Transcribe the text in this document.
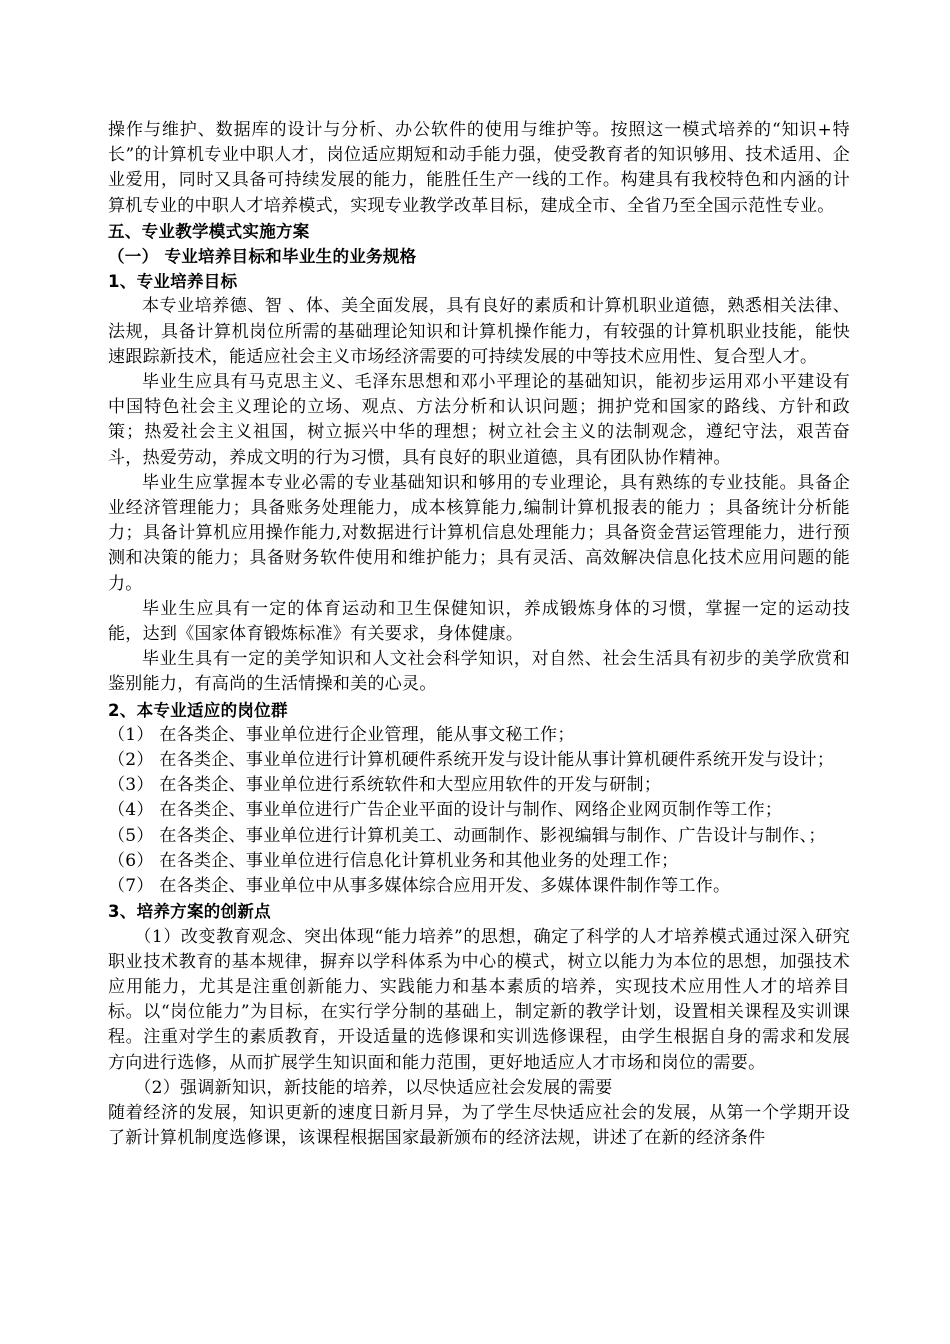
操作与维护、数据库的设计与分析、办公软件的使用与维护等。按照这一模式培养的“知识+特长”的计算机专业中职人才，岗位适应期短和动手能力强，使受教育者的知识够用、技术适用、企业爱用，同时又具备可持续发展的能力，能胜任生产一线的工作。构建具有我校特色和内涵的计算机专业的中职人才培养模式，实现专业教学改革目标，建成全市、全省乃至全国示范性专业。

五、专业教学模式实施方案

（一） 专业培养目标和毕业生的业务规格

1、专业培养目标

本专业培养德、智 、体、美全面发展，具有良好的素质和计算机职业道德，熟悉相关法律、法规，具备计算机岗位所需的基础理论知识和计算机操作能力，有较强的计算机职业技能，能快速跟踪新技术，能适应社会主义市场经济需要的可持续发展的中等技术应用性、复合型人才。

毕业生应具有马克思主义、毛泽东思想和邓小平理论的基础知识，能初步运用邓小平建设有中国特色社会主义理论的立场、观点、方法分析和认识问题；拥护党和国家的路线、方针和政策；热爱社会主义祖国，树立振兴中华的理想；树立社会主义的法制观念，遵纪守法，艰苦奋斗，热爱劳动，养成文明的行为习惯，具有良好的职业道德，具有团队协作精神。

毕业生应掌握本专业必需的专业基础知识和够用的专业理论，具有熟练的专业技能。具备企业经济管理能力；具备账务处理能力，成本核算能力,编制计算机报表的能力 ；具备统计分析能力；具备计算机应用操作能力,对数据进行计算机信息处理能力；具备资金营运管理能力，进行预测和决策的能力；具备财务软件使用和维护能力；具有灵活、高效解决信息化技术应用问题的能力。

毕业生应具有一定的体育运动和卫生保健知识，养成锻炼身体的习惯，掌握一定的运动技能，达到《国家体育锻炼标准》有关要求，身体健康。

毕业生具有一定的美学知识和人文社会科学知识，对自然、社会生活具有初步的美学欣赏和鉴别能力，有高尚的生活情操和美的心灵。

2、本专业适应的岗位群

（1） 在各类企、事业单位进行企业管理，能从事文秘工作；

（2） 在各类企、事业单位进行计算机硬件系统开发与设计能从事计算机硬件系统开发与设计；

（3） 在各类企、事业单位进行系统软件和大型应用软件的开发与研制；

（4） 在各类企、事业单位进行广告企业平面的设计与制作、网络企业网页制作等工作；

（5） 在各类企、事业单位进行计算机美工、动画制作、影视编辑与制作、广告设计与制作、；

（6） 在各类企、事业单位进行信息化计算机业务和其他业务的处理工作；

（7） 在各类企、事业单位中从事多媒体综合应用开发、多媒体课件制作等工作。

3、培养方案的创新点

（1）改变教育观念、突出体现“能力培养”的思想，确定了科学的人才培养模式通过深入研究职业技术教育的基本规律，摒弃以学科体系为中心的模式，树立以能力为本位的思想，加强技术应用能力，尤其是注重创新能力、实践能力和基本素质的培养，实现技术应用性人才的培养目标。以“岗位能力”为目标，在实行学分制的基础上，制定新的教学计划，设置相关课程及实训课程。注重对学生的素质教育，开设适量的选修课和实训选修课程，由学生根据自身的需求和发展方向进行选修，从而扩展学生知识面和能力范围，更好地适应人才市场和岗位的需要。

（2）强调新知识，新技能的培养，以尽快适应社会发展的需要

随着经济的发展，知识更新的速度日新月异，为了学生尽快适应社会的发展，从第一个学期开设了新计算机制度选修课，该课程根据国家最新颁布的经济法规，讲述了在新的经济条件
